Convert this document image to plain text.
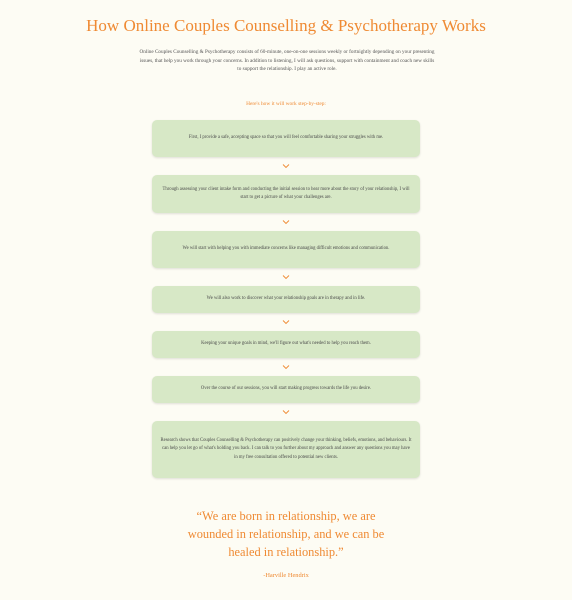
How Online Couples Counselling & Psychotherapy Works

Online Couples Counselling & Psychotherapy consists of 60-minute, one-on-one sessions weekly or fortnightly depending on your presenting issues, that help you work through your concerns. In addition to listening, I will ask questions, support with containment and coach new skills to support the relationship. I play an active role.

Here's how it will work step-by-step:

First, I provide a safe, accepting space so that you will feel comfortable sharing your struggles with me.

Through assessing your client intake form and conducting the initial session to hear more about the story of your relationship, I will start to get a picture of what your challenges are.

We will start with helping you with immediate concerns like managing difficult emotions and communication.

We will also work to discover what your relationship goals are in therapy and in life.

Keeping your unique goals in mind, we'll figure out what's needed to help you reach them.

Over the course of our sessions, you will start making progress towards the life you desire.

Research shows that Couples Counselling & Psychotherapy can positively change your thinking, beliefs, emotions, and behaviours. It can help you let go of what's holding you back. I can talk to you further about my approach and answer any questions you may have in my free consultation offered to potential new clients.

“We are born in relationship, we are wounded in relationship, and we can be healed in relationship.”

-Harville Hendrix
